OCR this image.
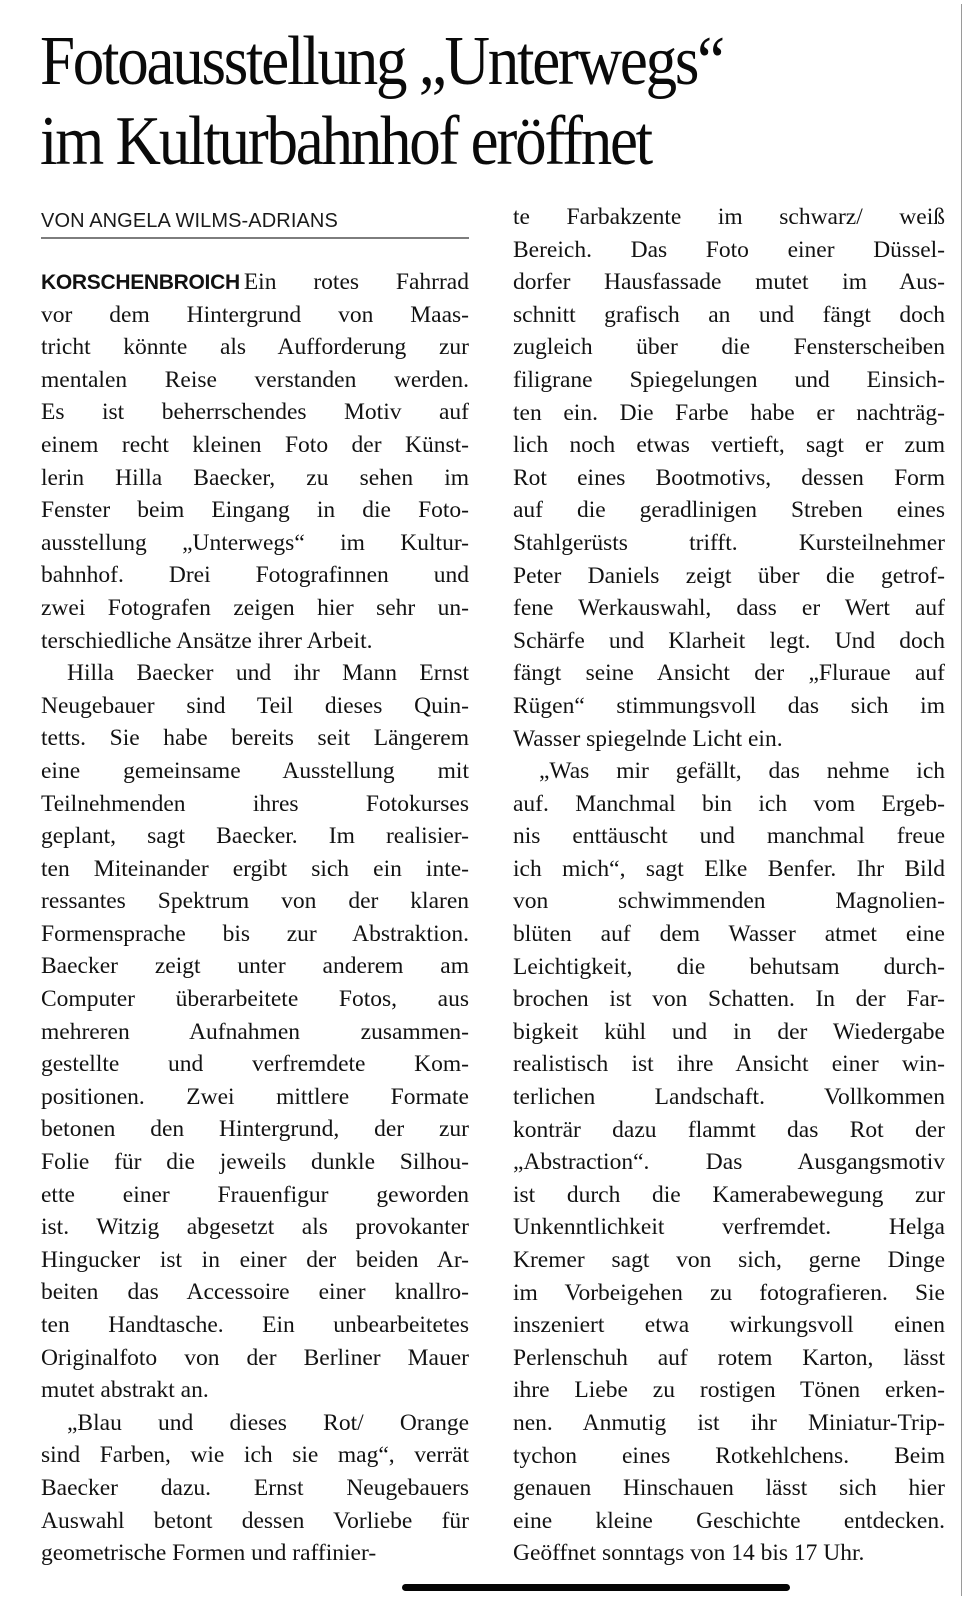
Fotoausstellung „Unterwegs“
im Kulturbahnhof eröffnet
VON ANGELA WILMS-ADRIANS
KORSCHENBROICH Ein rotes Fahrrad
vor dem Hintergrund von Maas-
tricht könnte als Aufforderung zur
mentalen Reise verstanden werden.
Es ist beherrschendes Motiv auf
einem recht kleinen Foto der Künst-
lerin Hilla Baecker, zu sehen im
Fenster beim Eingang in die Foto-
ausstellung „Unterwegs“ im Kultur-
bahnhof. Drei Fotografinnen und
zwei Fotografen zeigen hier sehr un-
terschiedliche Ansätze ihrer Arbeit.
Hilla Baecker und ihr Mann Ernst
Neugebauer sind Teil dieses Quin-
tetts. Sie habe bereits seit Längerem
eine gemeinsame Ausstellung mit
Teilnehmenden ihres Fotokurses
geplant, sagt Baecker. Im realisier-
ten Miteinander ergibt sich ein inte-
ressantes Spektrum von der klaren
Formensprache bis zur Abstraktion.
Baecker zeigt unter anderem am
Computer überarbeitete Fotos, aus
mehreren Aufnahmen zusammen-
gestellte und verfremdete Kom-
positionen. Zwei mittlere Formate
betonen den Hintergrund, der zur
Folie für die jeweils dunkle Silhou-
ette einer Frauenfigur geworden
ist. Witzig abgesetzt als provokanter
Hingucker ist in einer der beiden Ar-
beiten das Accessoire einer knallro-
ten Handtasche. Ein unbearbeitetes
Originalfoto von der Berliner Mauer
mutet abstrakt an.
„Blau und dieses Rot/ Orange
sind Farben, wie ich sie mag“, verrät
Baecker dazu. Ernst Neugebauers
Auswahl betont dessen Vorliebe für
geometrische Formen und raffinier-
te Farbakzente im schwarz/ weiß
Bereich. Das Foto einer Düssel-
dorfer Hausfassade mutet im Aus-
schnitt grafisch an und fängt doch
zugleich über die Fensterscheiben
filigrane Spiegelungen und Einsich-
ten ein. Die Farbe habe er nachträg-
lich noch etwas vertieft, sagt er zum
Rot eines Bootmotivs, dessen Form
auf die geradlinigen Streben eines
Stahlgerüsts trifft. Kursteilnehmer
Peter Daniels zeigt über die getrof-
fene Werkauswahl, dass er Wert auf
Schärfe und Klarheit legt. Und doch
fängt seine Ansicht der „Fluraue auf
Rügen“ stimmungsvoll das sich im
Wasser spiegelnde Licht ein.
„Was mir gefällt, das nehme ich
auf. Manchmal bin ich vom Ergeb-
nis enttäuscht und manchmal freue
ich mich“, sagt Elke Benfer. Ihr Bild
von schwimmenden Magnolien-
blüten auf dem Wasser atmet eine
Leichtigkeit, die behutsam durch-
brochen ist von Schatten. In der Far-
bigkeit kühl und in der Wiedergabe
realistisch ist ihre Ansicht einer win-
terlichen Landschaft. Vollkommen
konträr dazu flammt das Rot der
„Abstraction“. Das Ausgangsmotiv
ist durch die Kamerabewegung zur
Unkenntlichkeit verfremdet. Helga
Kremer sagt von sich, gerne Dinge
im Vorbeigehen zu fotografieren. Sie
inszeniert etwa wirkungsvoll einen
Perlenschuh auf rotem Karton, lässt
ihre Liebe zu rostigen Tönen erken-
nen. Anmutig ist ihr Miniatur-Trip-
tychon eines Rotkehlchens. Beim
genauen Hinschauen lässt sich hier
eine kleine Geschichte entdecken.
Geöffnet sonntags von 14 bis 17 Uhr.
